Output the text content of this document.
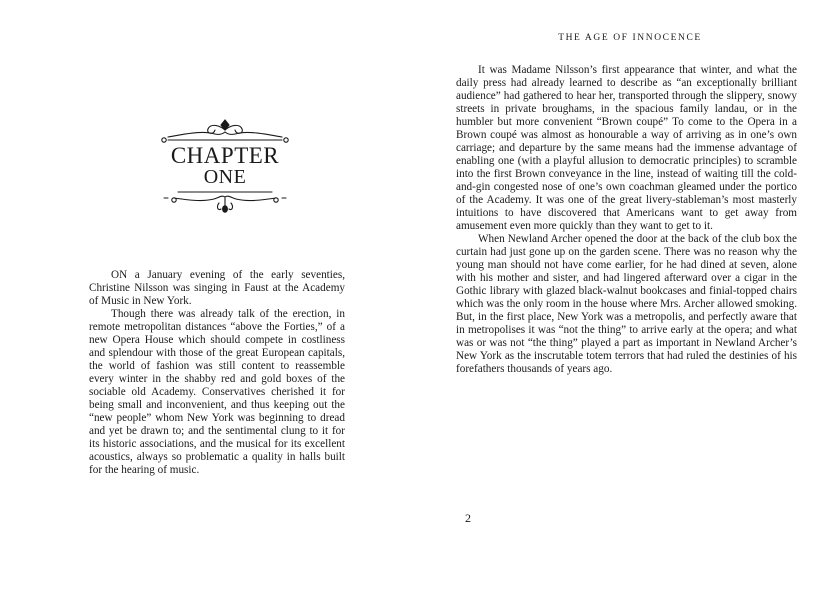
CHAPTER
ONE

ON a January evening of the early seventies, Christine Nilsson was singing in Faust at the Academy of Music in New York.

Though there was already talk of the erection, in remote metropolitan distances “above the Forties,” of a new Opera House which should compete in costliness and splendour with those of the great European capitals, the world of fashion was still content to reassemble every winter in the shabby red and gold boxes of the sociable old Academy. Conservatives cherished it for being small and inconvenient, and thus keeping out the “new people” whom New York was beginning to dread and yet be drawn to; and the sentimental clung to it for its historic associations, and the musical for its excellent acoustics, always so problematic a quality in halls built for the hearing of music.

THE AGE OF INNOCENCE

It was Madame Nilsson’s first appearance that winter, and what the daily press had already learned to describe as “an exceptionally brilliant audience” had gathered to hear her, transported through the slippery, snowy streets in private broughams, in the spacious family landau, or in the humbler but more convenient “Brown coupé” To come to the Opera in a Brown coupé was almost as honourable a way of arriving as in one’s own carriage; and departure by the same means had the immense advantage of enabling one (with a playful allusion to democratic principles) to scramble into the first Brown conveyance in the line, instead of waiting till the cold-and-gin congested nose of one’s own coachman gleamed under the portico of the Academy. It was one of the great livery-stableman’s most masterly intuitions to have discovered that Americans want to get away from amusement even more quickly than they want to get to it.

When Newland Archer opened the door at the back of the club box the curtain had just gone up on the garden scene. There was no reason why the young man should not have come earlier, for he had dined at seven, alone with his mother and sister, and had lingered afterward over a cigar in the Gothic library with glazed black-walnut bookcases and finial-topped chairs which was the only room in the house where Mrs. Archer allowed smoking. But, in the first place, New York was a metropolis, and perfectly aware that in metropolises it was “not the thing” to arrive early at the opera; and what was or was not “the thing” played a part as important in Newland Archer’s New York as the inscrutable totem terrors that had ruled the destinies of his forefathers thousands of years ago.

2
